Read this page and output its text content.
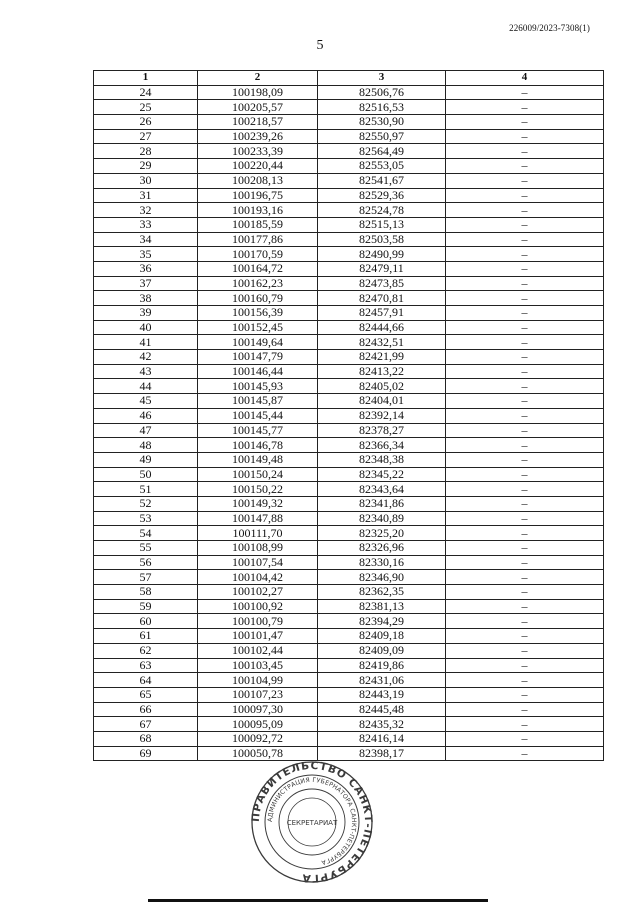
226009/2023-7308(1)
5
1	2	3	4
24	100198,09	82506,76	–
25	100205,57	82516,53	–
26	100218,57	82530,90	–
27	100239,26	82550,97	–
28	100233,39	82564,49	–
29	100220,44	82553,05	–
30	100208,13	82541,67	–
31	100196,75	82529,36	–
32	100193,16	82524,78	–
33	100185,59	82515,13	–
34	100177,86	82503,58	–
35	100170,59	82490,99	–
36	100164,72	82479,11	–
37	100162,23	82473,85	–
38	100160,79	82470,81	–
39	100156,39	82457,91	–
40	100152,45	82444,66	–
41	100149,64	82432,51	–
42	100147,79	82421,99	–
43	100146,44	82413,22	–
44	100145,93	82405,02	–
45	100145,87	82404,01	–
46	100145,44	82392,14	–
47	100145,77	82378,27	–
48	100146,78	82366,34	–
49	100149,48	82348,38	–
50	100150,24	82345,22	–
51	100150,22	82343,64	–
52	100149,32	82341,86	–
53	100147,88	82340,89	–
54	100111,70	82325,20	–
55	100108,99	82326,96	–
56	100107,54	82330,16	–
57	100104,42	82346,90	–
58	100102,27	82362,35	–
59	100100,92	82381,13	–
60	100100,79	82394,29	–
61	100101,47	82409,18	–
62	100102,44	82409,09	–
63	100103,45	82419,86	–
64	100104,99	82431,06	–
65	100107,23	82443,19	–
66	100097,30	82445,48	–
67	100095,09	82435,32	–
68	100092,72	82416,14	–
69	100050,78	82398,17	–
ПРАВИТЕЛЬСТВО САНКТ-ПЕТЕРБУРГА
АДМИНИСТРАЦИЯ ГУБЕРНАТОРА САНКТ-ПЕТЕРБУРГА
СЕКРЕТАРИАТ
